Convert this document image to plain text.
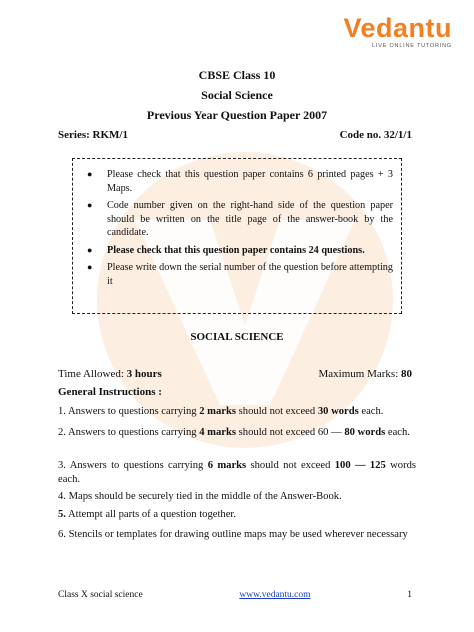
Vedantu
LIVE ONLINE TUTORING
CBSE Class 10
Social Science
Previous Year Question Paper 2007
Series: RKM/1	Code no. 32/1/1
●	Please check that this question paper contains 6 printed pages + 3 Maps.
●	Code number given on the right-hand side of the question paper should be written on the title page of the answer-book by the candidate.
●	Please check that this question paper contains 24 questions.
●	Please write down the serial number of the question before attempting it
SOCIAL SCIENCE
Time Allowed: 3 hours	Maximum Marks: 80
General Instructions :
1. Answers to questions carrying 2 marks should not exceed 30 words each.
2. Answers to questions carrying 4 marks should not exceed 60 — 80 words each.
3. Answers to questions carrying 6 marks should not exceed 100 — 125 words each.
4. Maps should be securely tied in the middle of the Answer-Book.
5. Attempt all parts of a question together.
6. Stencils or templates for drawing outline maps may be used wherever necessary
Class X social science	www.vedantu.com	1
